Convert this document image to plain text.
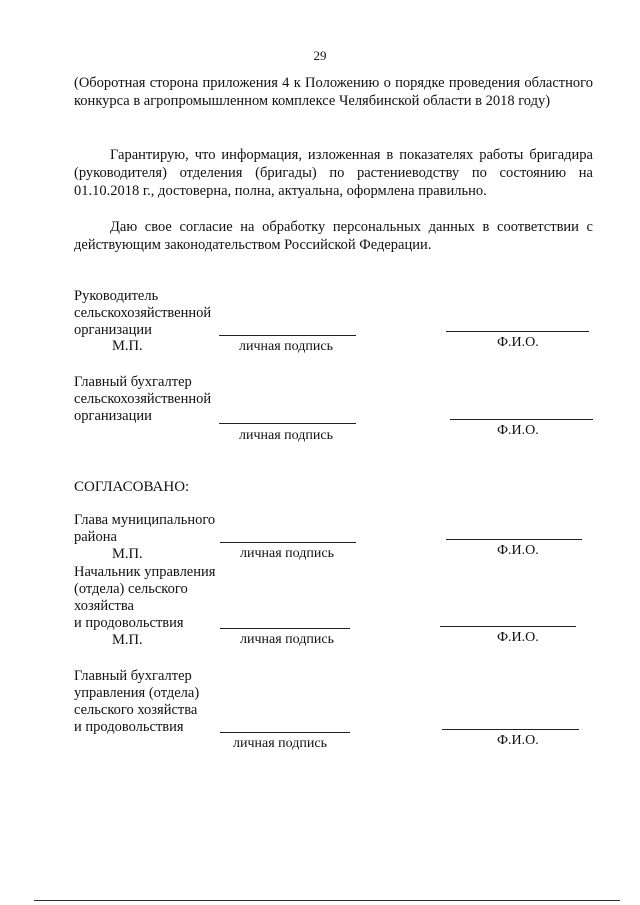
29
(Оборотная сторона приложения 4 к Положению о порядке проведения областного конкурса в агропромышленном комплексе Челябинской области в 2018 году)
Гарантирую, что информация, изложенная в показателях работы бригадира (руководителя) отделения (бригады) по растениеводству по состоянию на 01.10.2018 г., достоверна, полна, актуальна, оформлена правильно.
Даю свое согласие на обработку персональных данных в соответствии с действующим законодательством Российской Федерации.
Руководитель
сельскохозяйственной
организации
М.П.	личная подпись	Ф.И.О.
Главный бухгалтер
сельскохозяйственной
организации
личная подпись	Ф.И.О.
СОГЛАСОВАНО:
Глава муниципального
района
М.П.	личная подпись	Ф.И.О.
Начальник управления
(отдела) сельского
хозяйства
и продовольствия
М.П.	личная подпись	Ф.И.О.
Главный бухгалтер
управления (отдела)
сельского хозяйства
и продовольствия
личная подпись	Ф.И.О.
